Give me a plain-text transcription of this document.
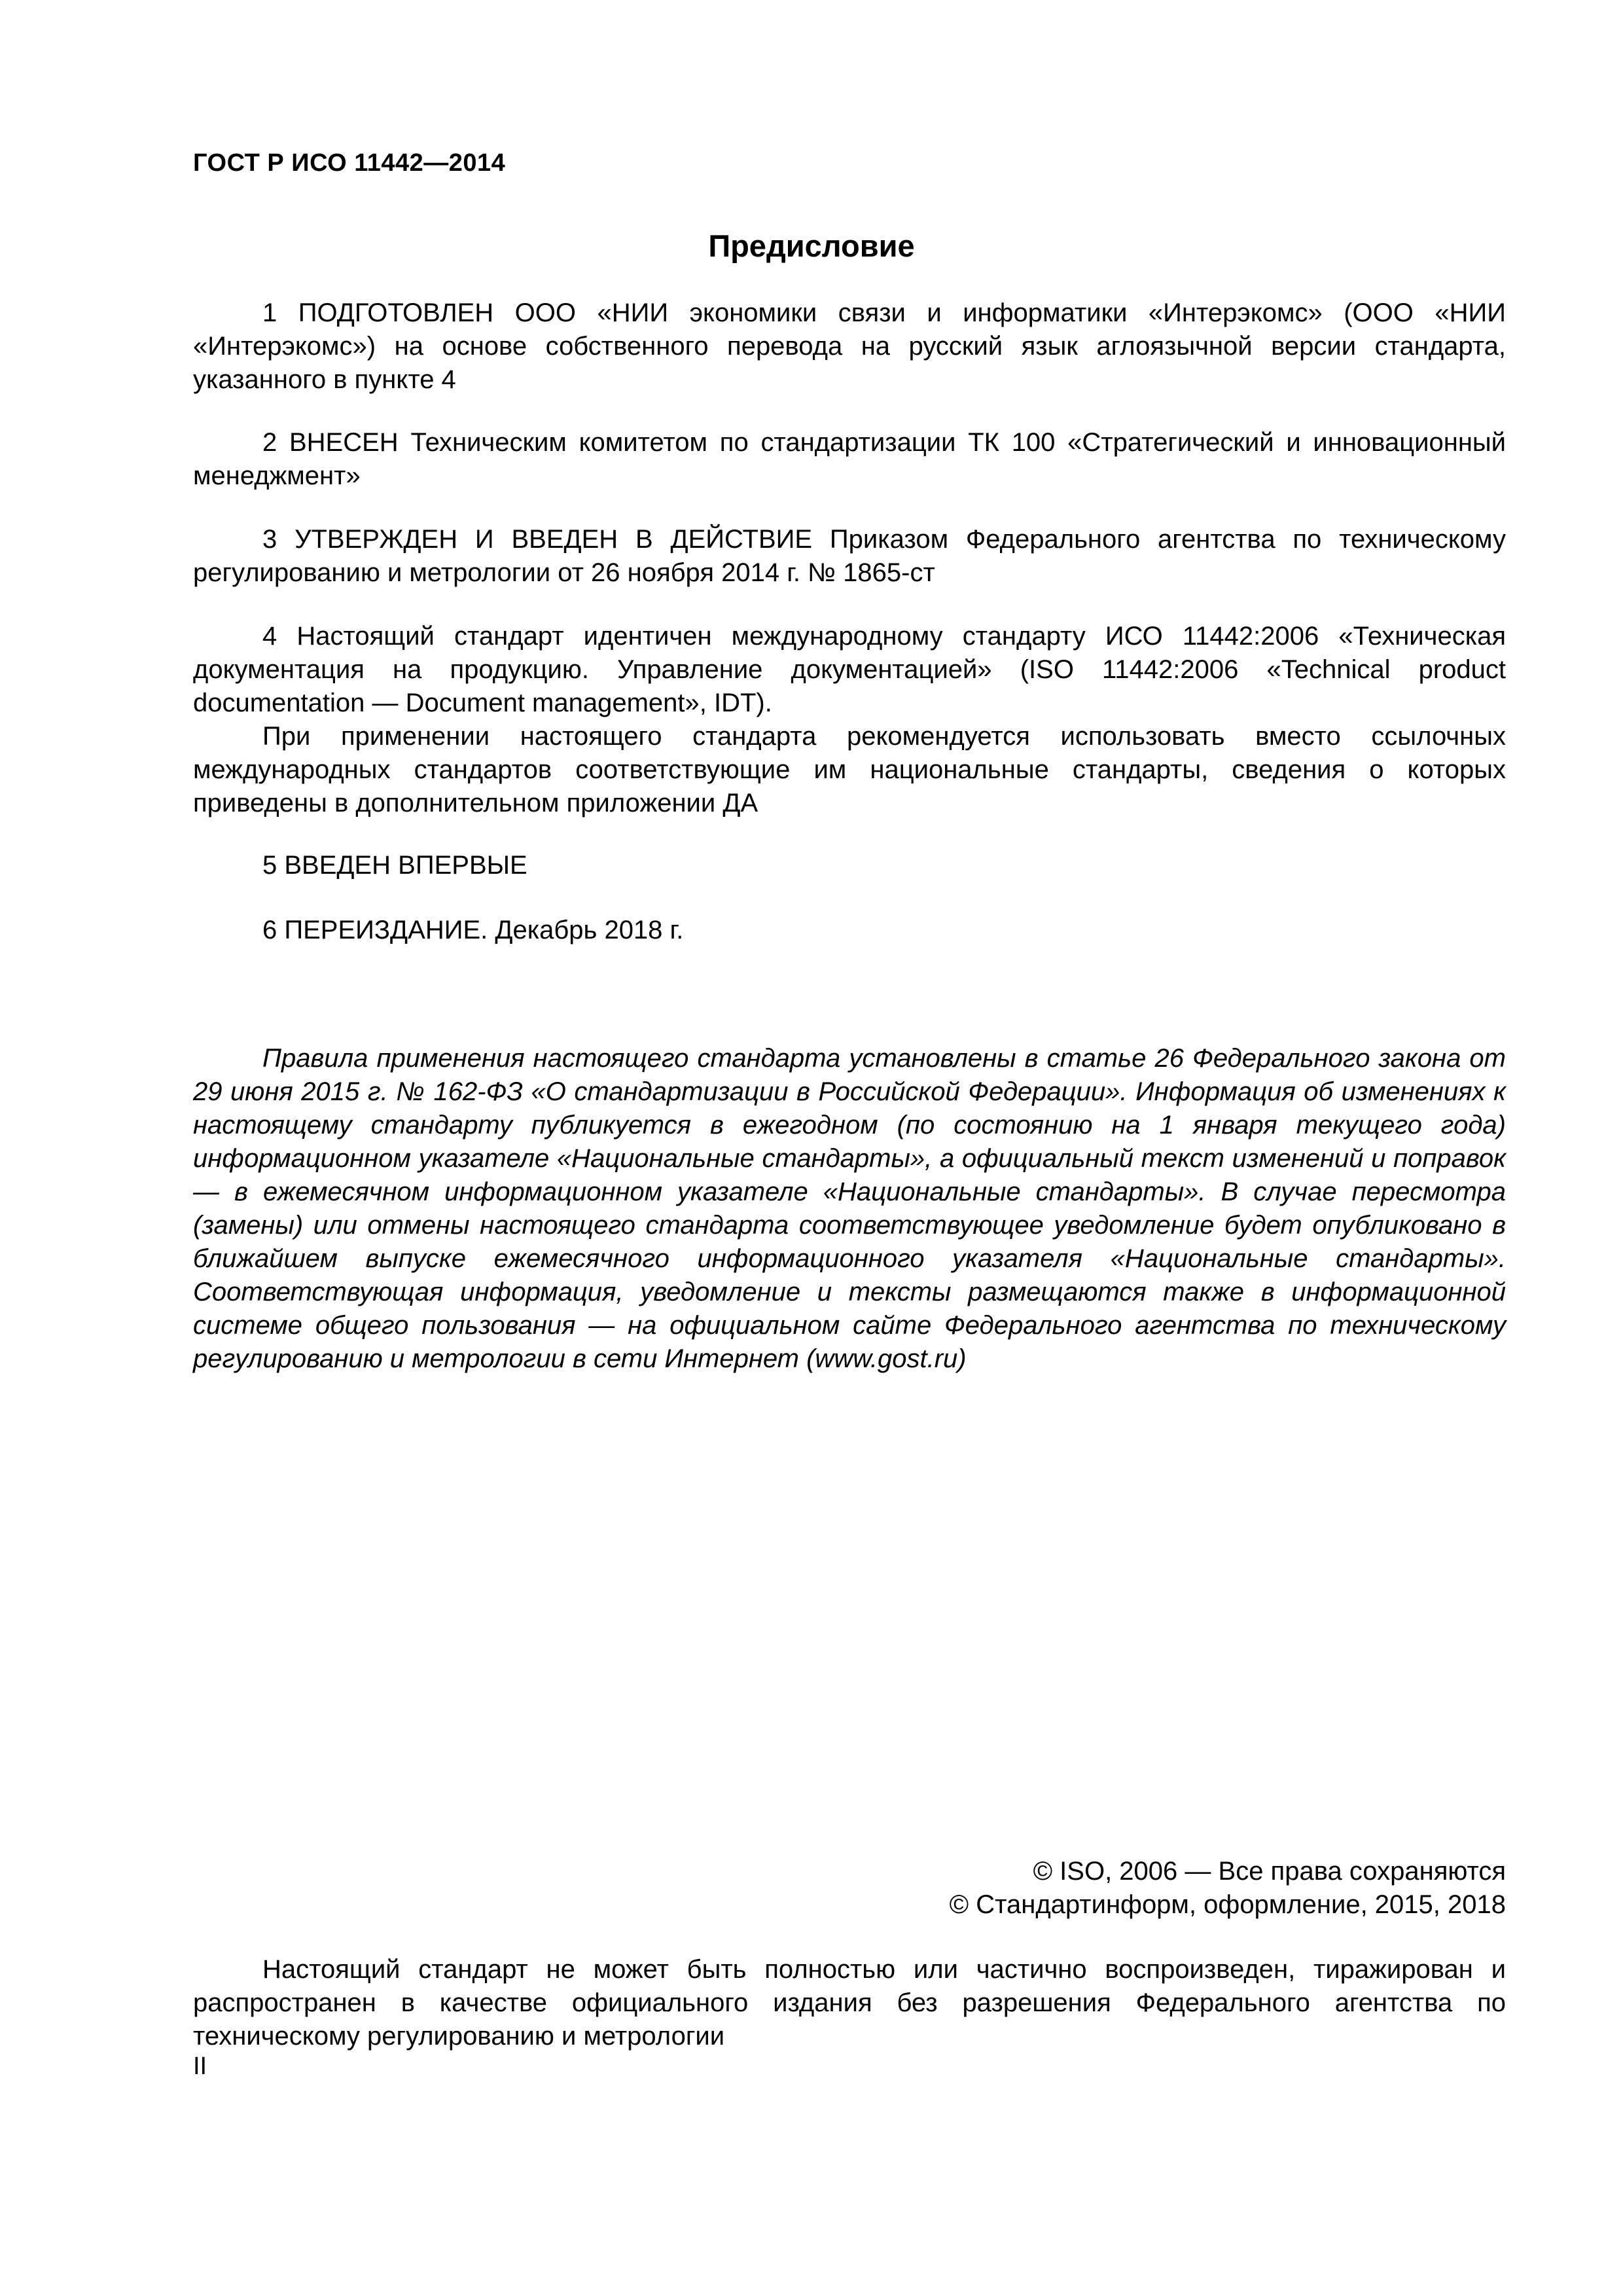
ГОСТ Р ИСО 11442—2014
Предисловие

1 ПОДГОТОВЛЕН ООО «НИИ экономики связи и информатики «Интерэкомс» (ООО «НИИ «Интерэкомс») на основе собственного перевода на русский язык аглоязычной версии стандарта, указанного в пункте 4

2 ВНЕСЕН Техническим комитетом по стандартизации ТК 100 «Стратегический и инновационный менеджмент»

3 УТВЕРЖДЕН И ВВЕДЕН В ДЕЙСТВИЕ Приказом Федерального агентства по техническому регулированию и метрологии от 26 ноября 2014 г. № 1865-ст

4 Настоящий стандарт идентичен международному стандарту ИСО 11442:2006 «Техническая документация на продукцию. Управление документацией» (ISO 11442:2006 «Technical product documentation — Document management», IDT).

При применении настоящего стандарта рекомендуется использовать вместо ссылочных международных стандартов соответствующие им национальные стандарты, сведения о которых приведены в дополнительном приложении ДА

5 ВВЕДЕН ВПЕРВЫЕ

6 ПЕРЕИЗДАНИЕ. Декабрь 2018 г.

Правила применения настоящего стандарта установлены в статье 26 Федерального закона от 29 июня 2015 г. № 162-ФЗ «О стандартизации в Российской Федерации». Информация об изменениях к настоящему стандарту публикуется в ежегодном (по состоянию на 1 января текущего года) информационном указателе «Национальные стандарты», а официальный текст изменений и поправок — в ежемесячном информационном указателе «Национальные стандарты». В случае пересмотра (замены) или отмены настоящего стандарта соответствующее уведомление будет опубликовано в ближайшем выпуске ежемесячного информационного указателя «Национальные стандарты». Соответствующая информация, уведомление и тексты размещаются также в информационной системе общего пользования — на официальном сайте Федерального агентства по техническому регулированию и метрологии в сети Интернет (www.gost.ru)

© ISO, 2006 — Все права сохраняются
© Стандартинформ, оформление, 2015, 2018

Настоящий стандарт не может быть полностью или частично воспроизведен, тиражирован и распространен в качестве официального издания без разрешения Федерального агентства по техническому регулированию и метрологии

II
